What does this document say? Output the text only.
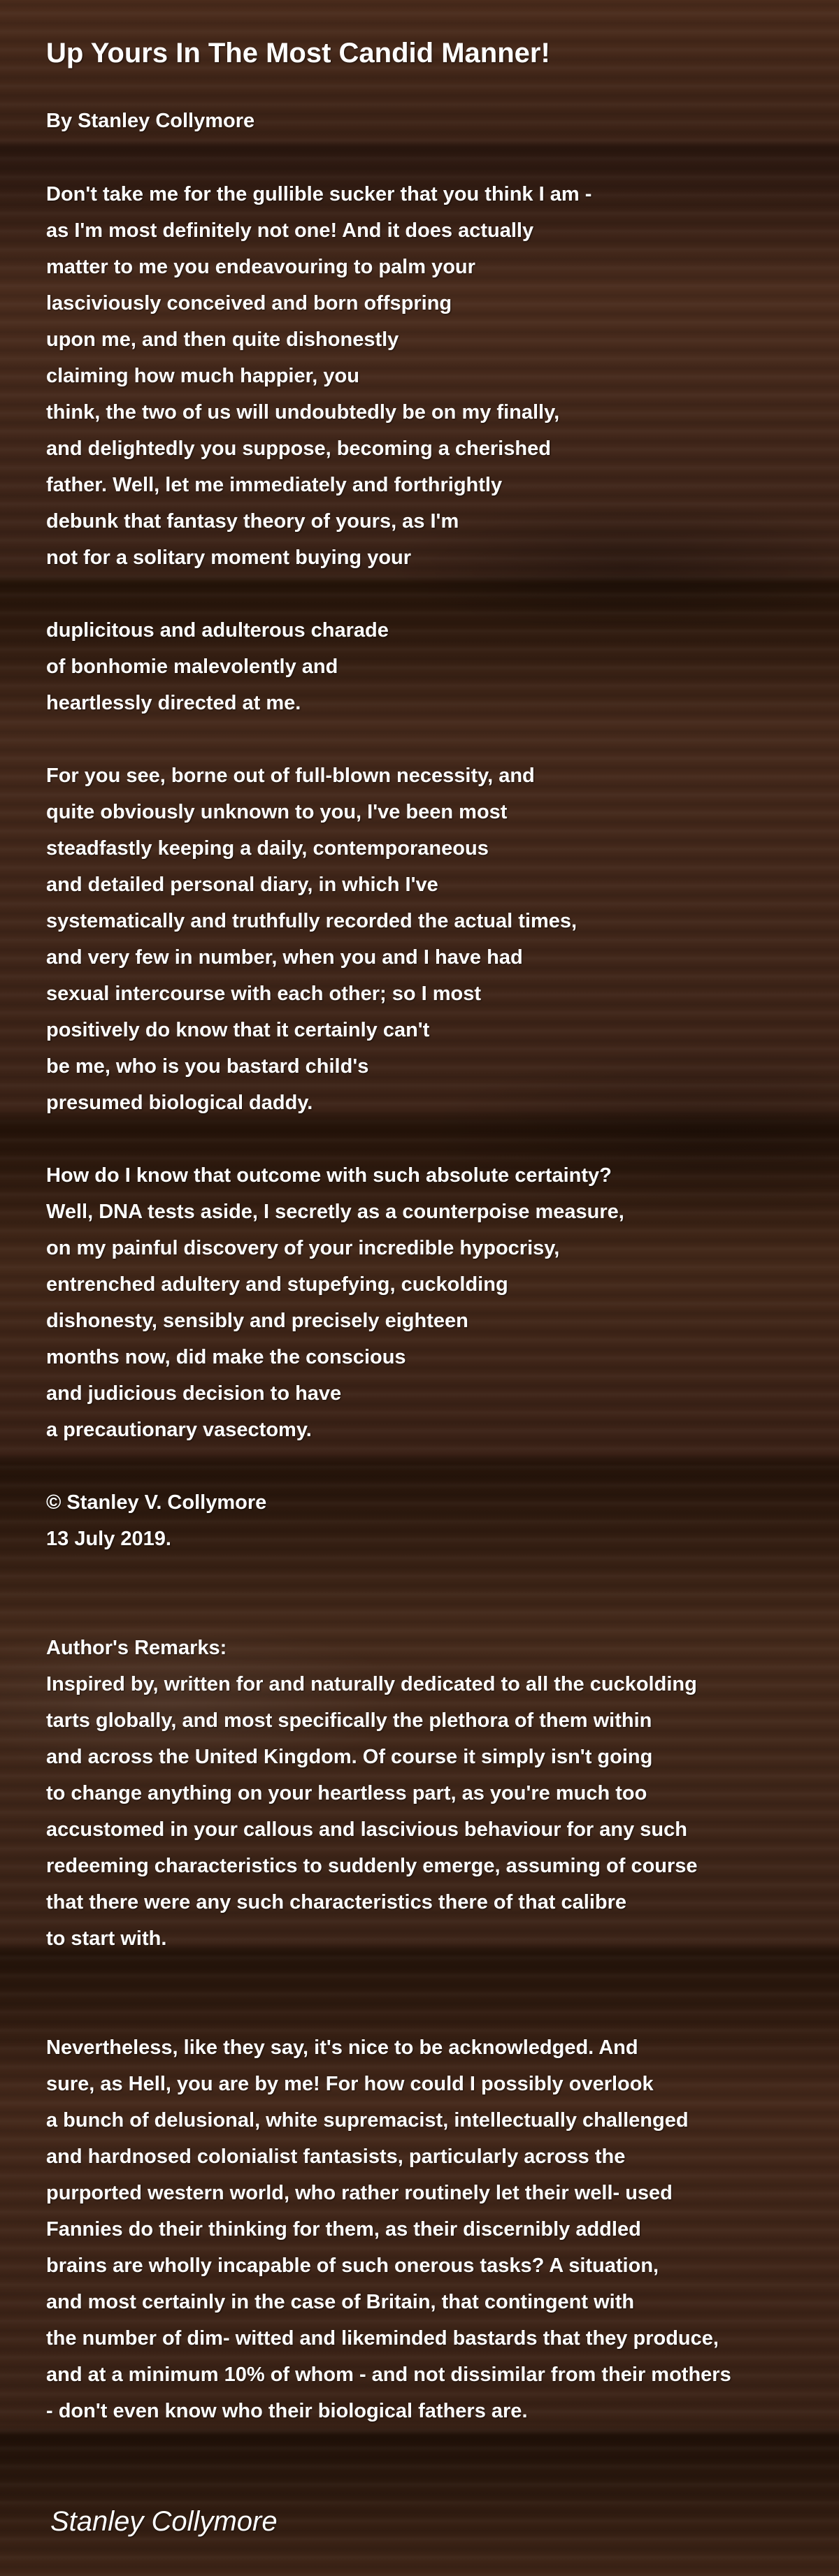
Up Yours In The Most Candid Manner!

By Stanley Collymore

Don't take me for the gullible sucker that you think I am -
as I'm most definitely not one! And it does actually
matter to me you endeavouring to palm your
lasciviously conceived and born offspring
upon me, and then quite dishonestly
claiming how much happier, you
think, the two of us will undoubtedly be on my finally,
and delightedly you suppose, becoming a cherished
father. Well, let me immediately and forthrightly
debunk that fantasy theory of yours, as I'm
not for a solitary moment buying your
duplicitous and adulterous charade
of bonhomie malevolently and
heartlessly directed at me.
For you see, borne out of full-blown necessity, and
quite obviously unknown to you, I've been most
steadfastly keeping a daily, contemporaneous
and detailed personal diary, in which I've
systematically and truthfully recorded the actual times,
and very few in number, when you and I have had
sexual intercourse with each other; so I most
positively do know that it certainly can't
be me, who is you bastard child's
presumed biological daddy.
How do I know that outcome with such absolute certainty?
Well, DNA tests aside, I secretly as a counterpoise measure,
on my painful discovery of your incredible hypocrisy,
entrenched adultery and stupefying, cuckolding
dishonesty, sensibly and precisely eighteen
months now, did make the conscious
and judicious decision to have
a precautionary vasectomy.
© Stanley V. Collymore
13 July 2019.
Author's Remarks:
Inspired by, written for and naturally dedicated to all the cuckolding
tarts globally, and most specifically the plethora of them within
and across the United Kingdom. Of course it simply isn't going
to change anything on your heartless part, as you're much too
accustomed in your callous and lascivious behaviour for any such
redeeming characteristics to suddenly emerge, assuming of course
that there were any such characteristics there of that calibre
to start with.
Nevertheless, like they say, it's nice to be acknowledged. And
sure, as Hell, you are by me! For how could I possibly overlook
a bunch of delusional, white supremacist, intellectually challenged
and hardnosed colonialist fantasists, particularly across the
purported western world, who rather routinely let their well- used
Fannies do their thinking for them, as their discernibly addled
brains are wholly incapable of such onerous tasks? A situation,
and most certainly in the case of Britain, that contingent with
the number of dim- witted and likeminded bastards that they produce,
and at a minimum 10% of whom - and not dissimilar from their mothers
- don't even know who their biological fathers are.

Stanley Collymore
